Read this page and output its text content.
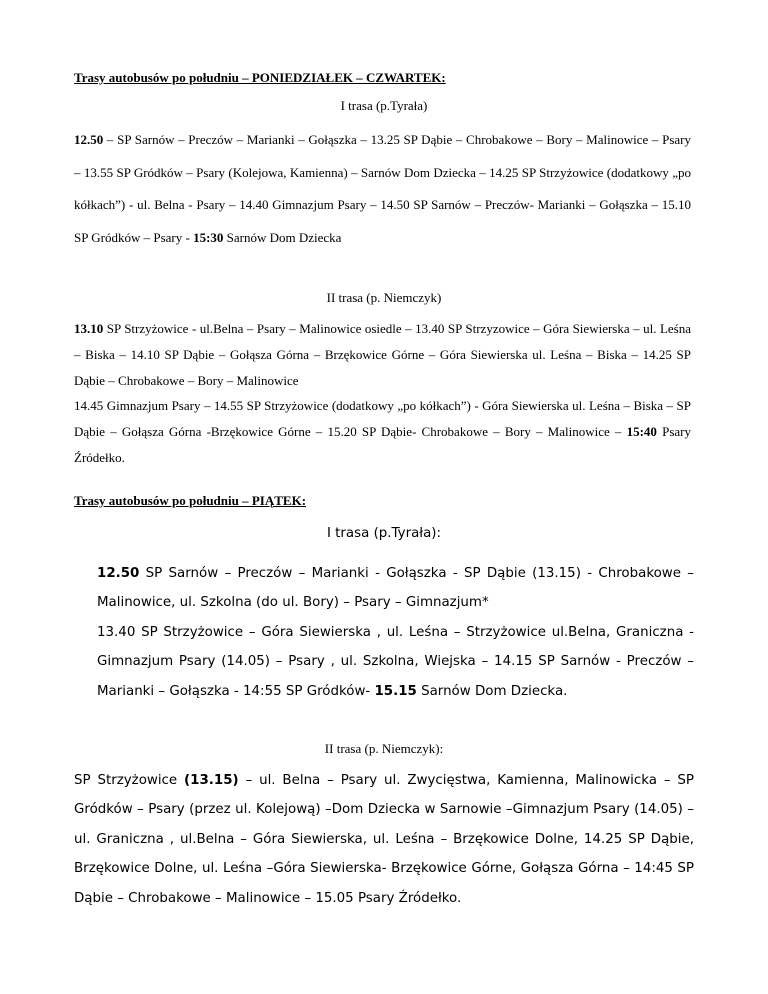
Trasy autobusów po południu – PONIEDZIAŁEK – CZWARTEK:
I trasa (p.Tyrała)
12.50 – SP Sarnów – Preczów – Marianki – Gołąszka – 13.25 SP Dąbie – Chrobakowe – Bory – Malinowice – Psary – 13.55 SP Gródków – Psary (Kolejowa, Kamienna) – Sarnów Dom Dziecka – 14.25 SP Strzyżowice (dodatkowy „po kółkach”) - ul. Belna - Psary – 14.40 Gimnazjum Psary – 14.50 SP Sarnów – Preczów- Marianki – Gołąszka – 15.10 SP Gródków – Psary - 15:30 Sarnów Dom Dziecka
II trasa (p. Niemczyk)
13.10 SP Strzyżowice - ul.Belna – Psary – Malinowice osiedle – 13.40 SP Strzyzowice – Góra Siewierska – ul. Leśna – Biska – 14.10 SP Dąbie – Gołąsza Górna – Brzękowice Górne – Góra Siewierska ul. Leśna – Biska – 14.25 SP Dąbie – Chrobakowe – Bory – Malinowice
14.45 Gimnazjum Psary – 14.55 SP Strzyżowice (dodatkowy „po kółkach”) - Góra Siewierska ul. Leśna – Biska – SP Dąbie – Gołąsza Górna -Brzękowice Górne – 15.20 SP Dąbie- Chrobakowe – Bory – Malinowice – 15:40 Psary Źródełko.
Trasy autobusów po południu – PIĄTEK:
I trasa (p.Tyrała):
12.50 SP Sarnów – Preczów – Marianki - Gołąszka - SP Dąbie (13.15) - Chrobakowe – Malinowice, ul. Szkolna (do ul. Bory) – Psary – Gimnazjum*
13.40 SP Strzyżowice – Góra Siewierska , ul. Leśna – Strzyżowice ul.Belna, Graniczna -Gimnazjum Psary (14.05) – Psary , ul. Szkolna, Wiejska – 14.15 SP Sarnów - Preczów – Marianki – Gołąszka - 14:55 SP Gródków- 15.15 Sarnów Dom Dziecka.
II trasa (p. Niemczyk):
SP Strzyżowice (13.15) – ul. Belna – Psary ul. Zwycięstwa, Kamienna, Malinowicka – SP Gródków – Psary (przez ul. Kolejową) –Dom Dziecka w Sarnowie –Gimnazjum Psary (14.05) – ul. Graniczna , ul.Belna – Góra Siewierska, ul. Leśna – Brzękowice Dolne, 14.25 SP Dąbie, Brzękowice Dolne, ul. Leśna –Góra Siewierska- Brzękowice Górne, Gołąsza Górna – 14:45 SP Dąbie – Chrobakowe – Malinowice – 15.05 Psary Źródełko.
